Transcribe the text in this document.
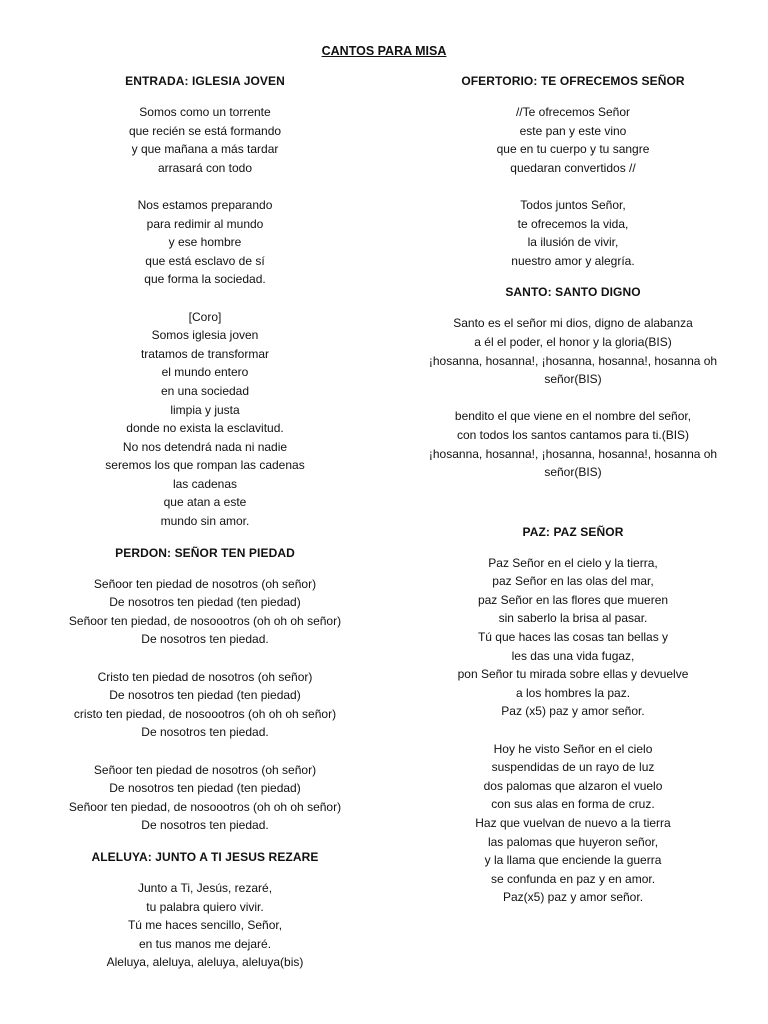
CANTOS PARA MISA
ENTRADA: IGLESIA JOVEN
Somos como un torrente
que recién se está formando
y que mañana a más tardar
arrasará con todo
Nos estamos preparando
para redimir al mundo
y ese hombre
que está esclavo de sí
que forma la sociedad.
[Coro]
Somos iglesia joven
tratamos de transformar
el mundo entero
en una sociedad
limpia y justa
donde no exista la esclavitud.
No nos detendrá nada ni nadie
seremos los que rompan las cadenas
las cadenas
que atan a este
mundo sin amor.
PERDON: SEÑOR TEN PIEDAD
Señoor ten piedad de nosotros (oh señor)
De nosotros ten piedad (ten piedad)
Señoor ten piedad, de nosoootros (oh oh oh señor)
De nosotros ten piedad.
Cristo ten piedad de nosotros (oh señor)
De nosotros ten piedad (ten piedad)
cristo ten piedad, de nosoootros (oh oh oh señor)
De nosotros ten piedad.
Señoor ten piedad de nosotros (oh señor)
De nosotros ten piedad (ten piedad)
Señoor ten piedad, de nosoootros (oh oh oh señor)
De nosotros ten piedad.
ALELUYA: JUNTO A TI JESUS REZARE
Junto a Ti, Jesús, rezaré,
tu palabra quiero vivir.
Tú me haces sencillo, Señor,
en tus manos me dejaré.
Aleluya, aleluya, aleluya, aleluya(bis)
OFERTORIO: TE OFRECEMOS SEÑOR
//Te ofrecemos Señor
este pan y este vino
que en tu cuerpo y tu sangre
quedaran convertidos //
Todos juntos Señor,
te ofrecemos la vida,
la ilusión de vivir,
nuestro amor y alegría.
SANTO: SANTO DIGNO
Santo es el señor mi dios, digno de alabanza
a él el poder, el honor y la gloria(BIS)
¡hosanna, hosanna!, ¡hosanna, hosanna!, hosanna oh
señor(BIS)
bendito el que viene en el nombre del señor,
con todos los santos cantamos para ti.(BIS)
¡hosanna, hosanna!, ¡hosanna, hosanna!, hosanna oh
señor(BIS)
PAZ: PAZ SEÑOR
Paz Señor en el cielo y la tierra,
paz Señor en las olas del mar,
paz Señor en las flores que mueren
sin saberlo la brisa al pasar.
Tú que haces las cosas tan bellas y
les das una vida fugaz,
pon Señor tu mirada sobre ellas y devuelve
a los hombres la paz.
Paz (x5) paz y amor señor.
Hoy he visto Señor en el cielo
suspendidas de un rayo de luz
dos palomas que alzaron el vuelo
con sus alas en forma de cruz.
Haz que vuelvan de nuevo a la tierra
las palomas que huyeron señor,
y la llama que enciende la guerra
se confunda en paz y en amor.
Paz(x5) paz y amor señor.
